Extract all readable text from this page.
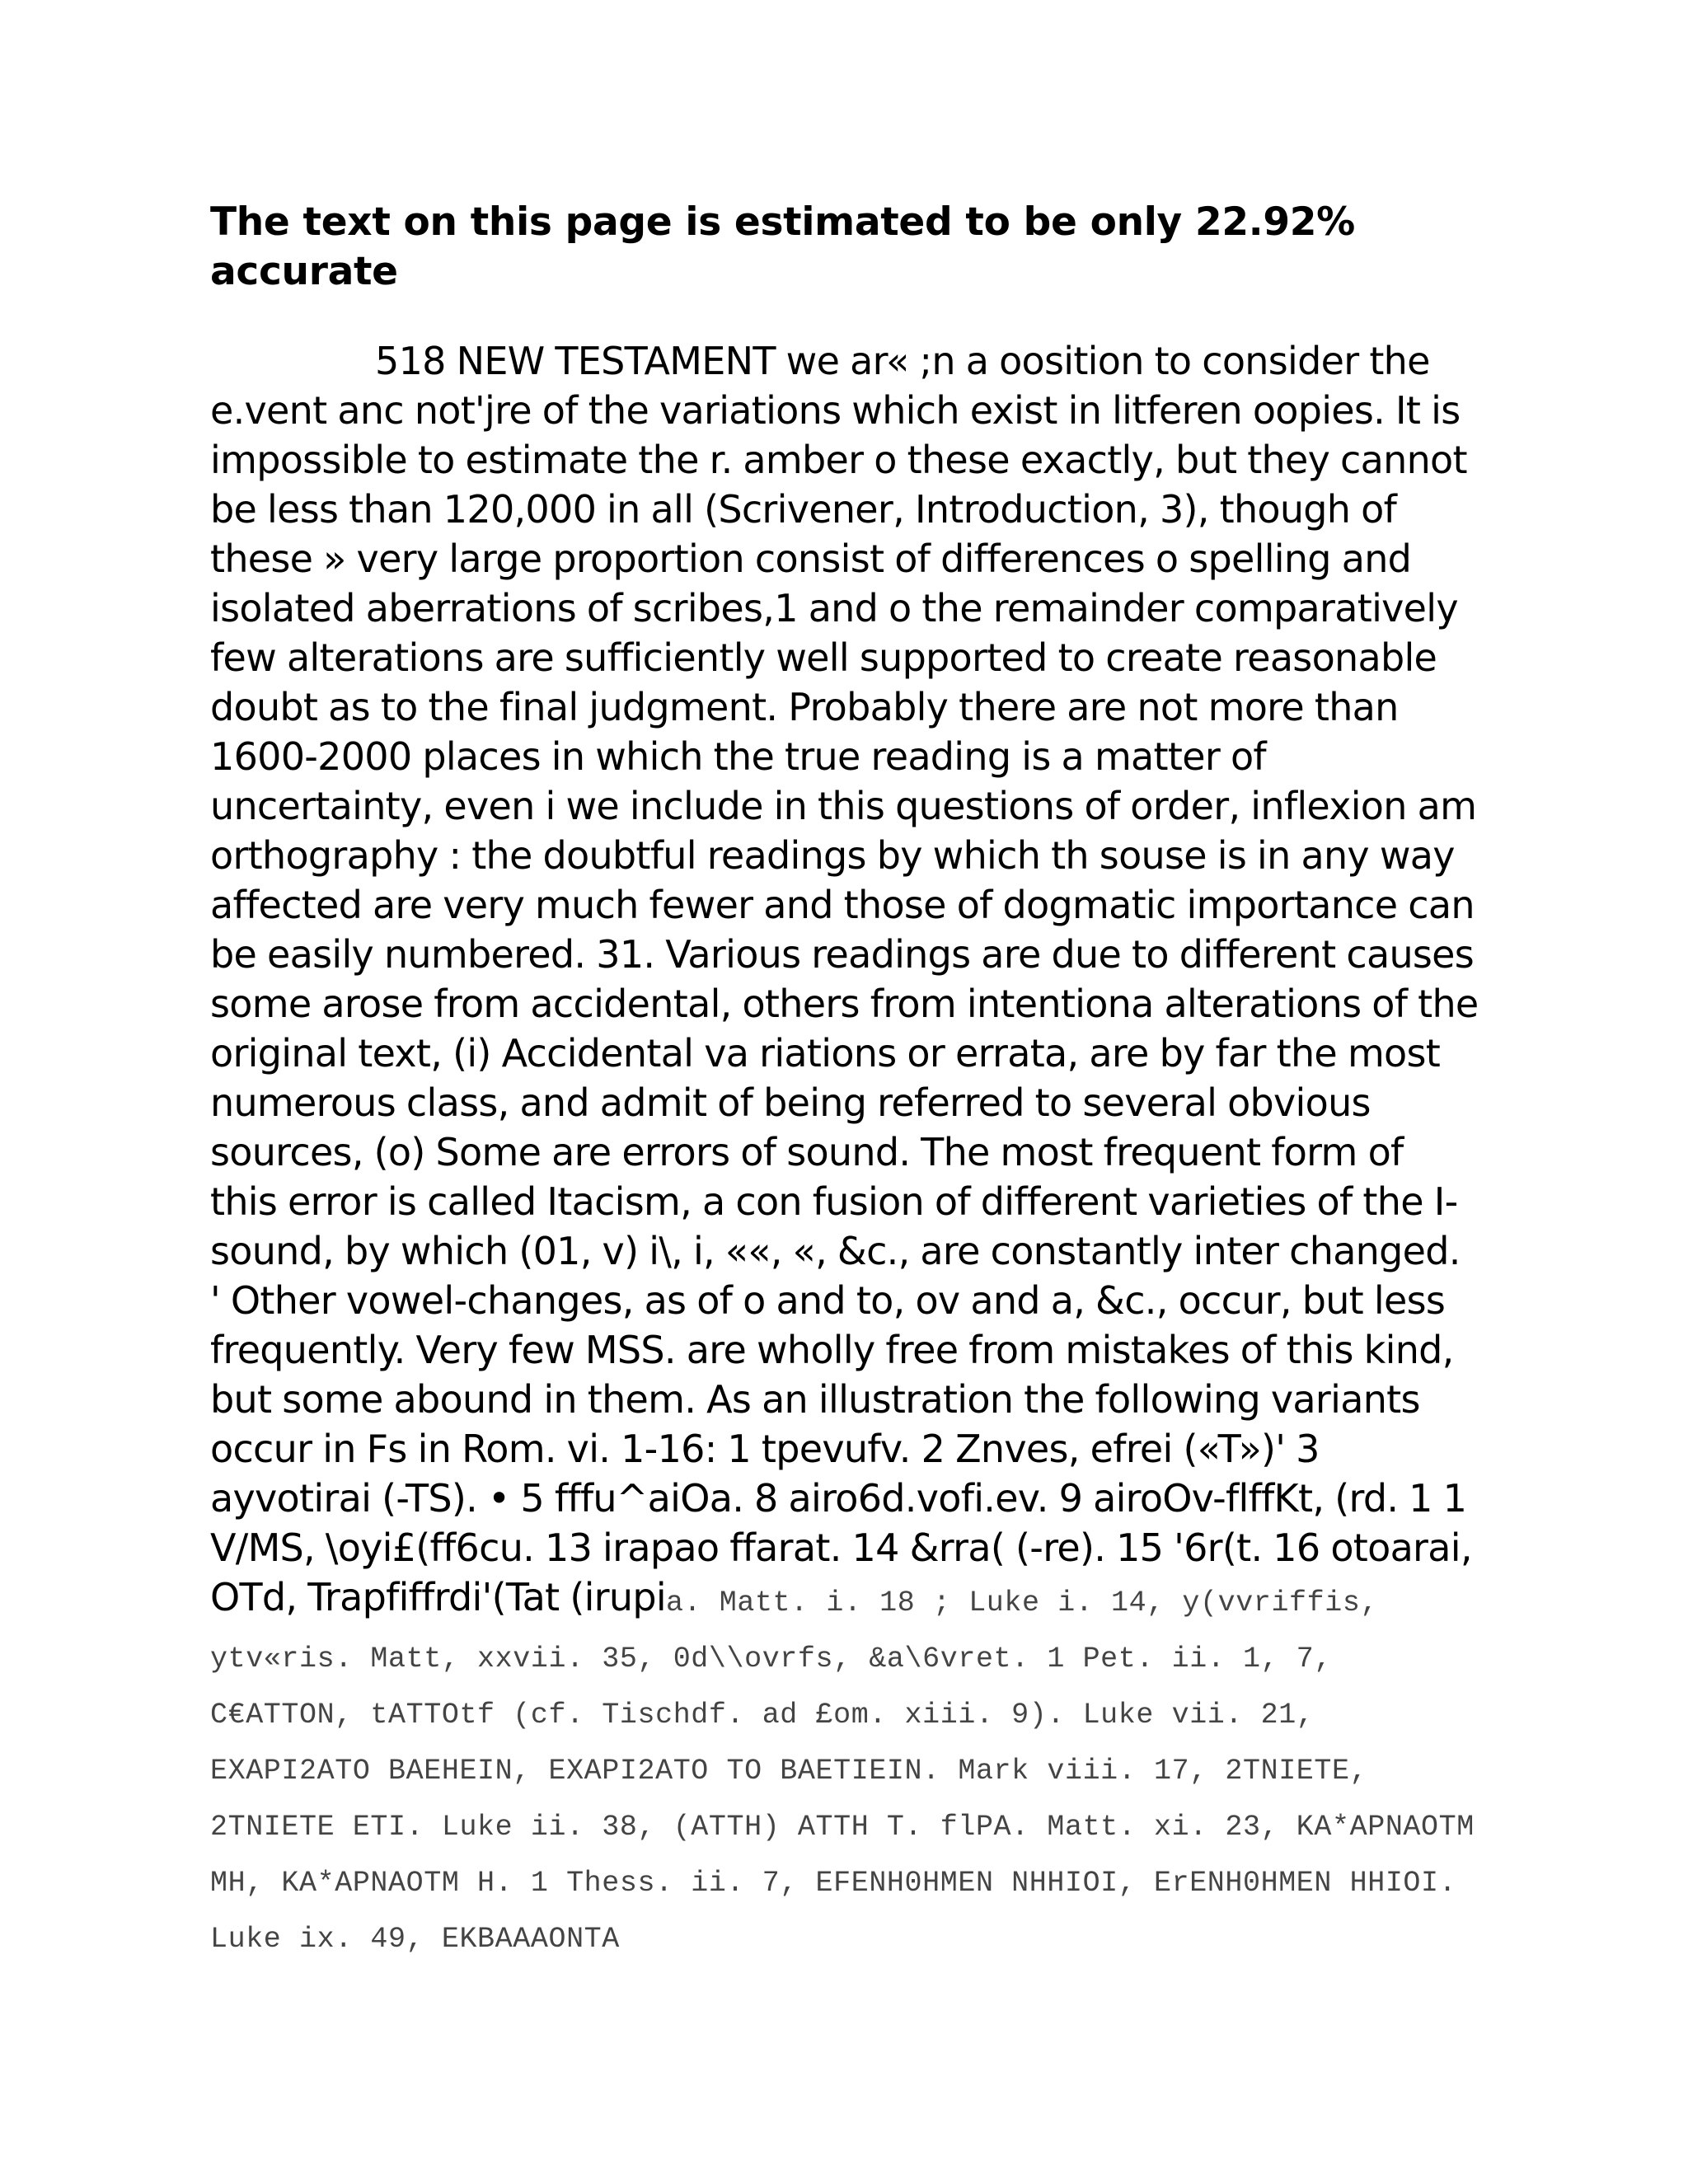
The text on this page is estimated to be only 22.92% accurate

518 NEW TESTAMENT we ar« ;n a oosition to consider the e.vent anc not'jre of the variations which exist in litferen oopies. It is impossible to estimate the r. amber o these exactly, but they cannot be less than 120,000 in all (Scrivener, Introduction, 3), though of these » very large proportion consist of differences o spelling and isolated aberrations of scribes,1 and o the remainder comparatively few alterations are sufficiently well supported to create reasonable doubt as to the final judgment. Probably there are not more than 1600-2000 places in which the true reading is a matter of uncertainty, even i we include in this questions of order, inflexion am orthography : the doubtful readings by which th souse is in any way affected are very much fewer and those of dogmatic importance can be easily numbered. 31. Various readings are due to different causes some arose from accidental, others from intentiona alterations of the original text, (i) Accidental va riations or errata, are by far the most numerous class, and admit of being referred to several obvious sources, (o) Some are errors of sound. The most frequent form of this error is called Itacism, a con fusion of different varieties of the I-sound, by which (01, v) i\, i, ««, «, &c., are constantly inter changed. ' Other vowel-changes, as of o and to, ov and a, &c., occur, but less frequently. Very few MSS. are wholly free from mistakes of this kind, but some abound in them. As an illustration the following variants occur in Fs in Rom. vi. 1-16: 1 tpevufv. 2 Znves, efrei («T»)' 3 ayvotirai (-TS). • 5 fffu^aiOa. 8 airo6d.vofi.ev. 9 airoOv-flffKt, (rd. 1 1 V/MS, \oyi£(ff6cu. 13 irapao ffarat. 14 &rra( (-re). 15 '6r(t. 16 otoarai, OTd, Trapfiffrdi'(Tat (irupia. Matt. i. 18 ; Luke i. 14, y(vvriffis, ytv«ris. Matt, xxvii. 35, 0d\\ovrfs, &a\6vret. 1 Pet. ii. 1, 7, C€ATTON, tATTOtf (cf. Tischdf. ad £om. xiii. 9). Luke vii. 21, EXAPI2ATO BAEHEIN, EXAPI2ATO TO BAETIEIN. Mark viii. 17, 2TNIETE, 2TNIETE ETI. Luke ii. 38, (ATTH) ATTH T. flPA. Matt. xi. 23, KA*APNAOTM MH, KA*APNAOTM H. 1 Thess. ii. 7, EFENH0HMEN NHHIOI, ErENH0HMEN HHIOI. Luke ix. 49, EKBAAAONTA
